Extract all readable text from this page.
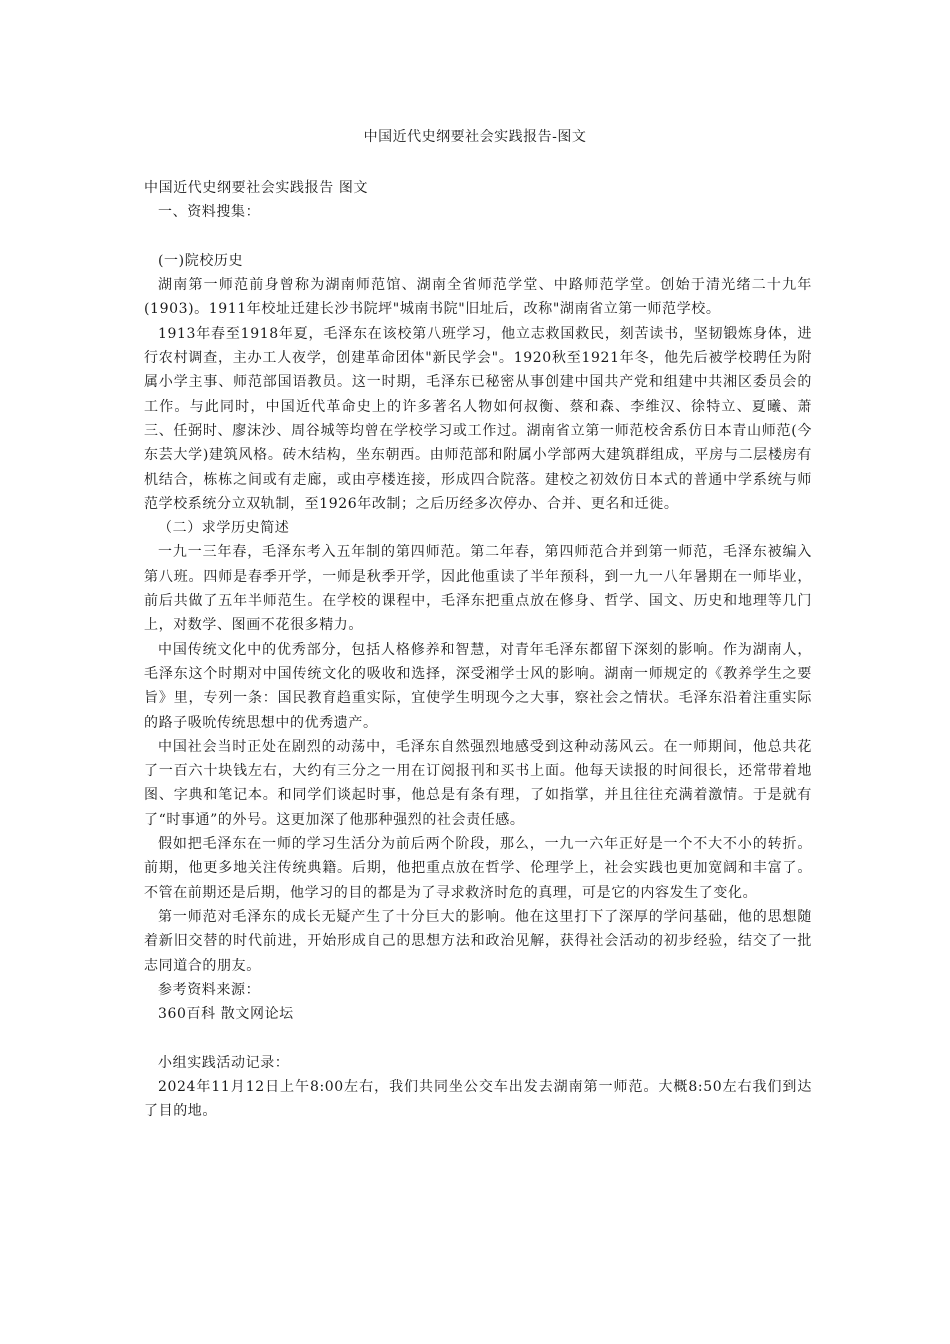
中国近代史纲要社会实践报告-图文

中国近代史纲要社会实践报告 图文

一、资料搜集：

(一)院校历史

湖南第一师范前身曾称为湖南师范馆、湖南全省师范学堂、中路师范学堂。创始于清光绪二十九年(1903)。1911年校址迁建长沙书院坪"城南书院"旧址后，改称"湖南省立第一师范学校。

1913年春至1918年夏，毛泽东在该校第八班学习，他立志救国救民，刻苦读书，坚韧锻炼身体，进行农村调查，主办工人夜学，创建革命团体"新民学会"。1920秋至1921年冬，他先后被学校聘任为附属小学主事、师范部国语教员。这一时期，毛泽东已秘密从事创建中国共产党和组建中共湘区委员会的工作。与此同时，中国近代革命史上的许多著名人物如何叔衡、蔡和森、李维汉、徐特立、夏曦、萧三、任弼时、廖沫沙、周谷城等均曾在学校学习或工作过。湖南省立第一师范校舍系仿日本青山师范(今东芸大学)建筑风格。砖木结构，坐东朝西。由师范部和附属小学部两大建筑群组成，平房与二层楼房有机结合，栋栋之间或有走廊，或由亭楼连接，形成四合院落。建校之初效仿日本式的普通中学系统与师范学校系统分立双轨制，至1926年改制；之后历经多次停办、合并、更名和迁徙。

（二）求学历史简述

一九一三年春，毛泽东考入五年制的第四师范。第二年春，第四师范合并到第一师范，毛泽东被编入第八班。四师是春季开学，一师是秋季开学，因此他重读了半年预科，到一九一八年暑期在一师毕业，前后共做了五年半师范生。在学校的课程中，毛泽东把重点放在修身、哲学、国文、历史和地理等几门上，对数学、图画不花很多精力。

中国传统文化中的优秀部分，包括人格修养和智慧，对青年毛泽东都留下深刻的影响。作为湖南人，毛泽东这个时期对中国传统文化的吸收和选择，深受湘学士风的影响。湖南一师规定的《教养学生之要旨》里，专列一条：国民教育趋重实际，宜使学生明现今之大事，察社会之情状。毛泽东沿着注重实际的路子吸吮传统思想中的优秀遗产。

中国社会当时正处在剧烈的动荡中，毛泽东自然强烈地感受到这种动荡风云。在一师期间，他总共花了一百六十块钱左右，大约有三分之一用在订阅报刊和买书上面。他每天读报的时间很长，还常带着地图、字典和笔记本。和同学们谈起时事，他总是有条有理，了如指掌，并且往往充满着激情。于是就有了“时事通”的外号。这更加深了他那种强烈的社会责任感。

假如把毛泽东在一师的学习生活分为前后两个阶段，那么，一九一六年正好是一个不大不小的转折。前期，他更多地关注传统典籍。后期，他把重点放在哲学、伦理学上，社会实践也更加宽阔和丰富了。不管在前期还是后期，他学习的目的都是为了寻求救济时危的真理，可是它的内容发生了变化。

第一师范对毛泽东的成长无疑产生了十分巨大的影响。他在这里打下了深厚的学问基础，他的思想随着新旧交替的时代前进，开始形成自己的思想方法和政治见解，获得社会活动的初步经验，结交了一批志同道合的朋友。

参考资料来源：

360百科 散文网论坛

小组实践活动记录：

2024年11月12日上午8:00左右，我们共同坐公交车出发去湖南第一师范。大概8:50左右我们到达了目的地。
